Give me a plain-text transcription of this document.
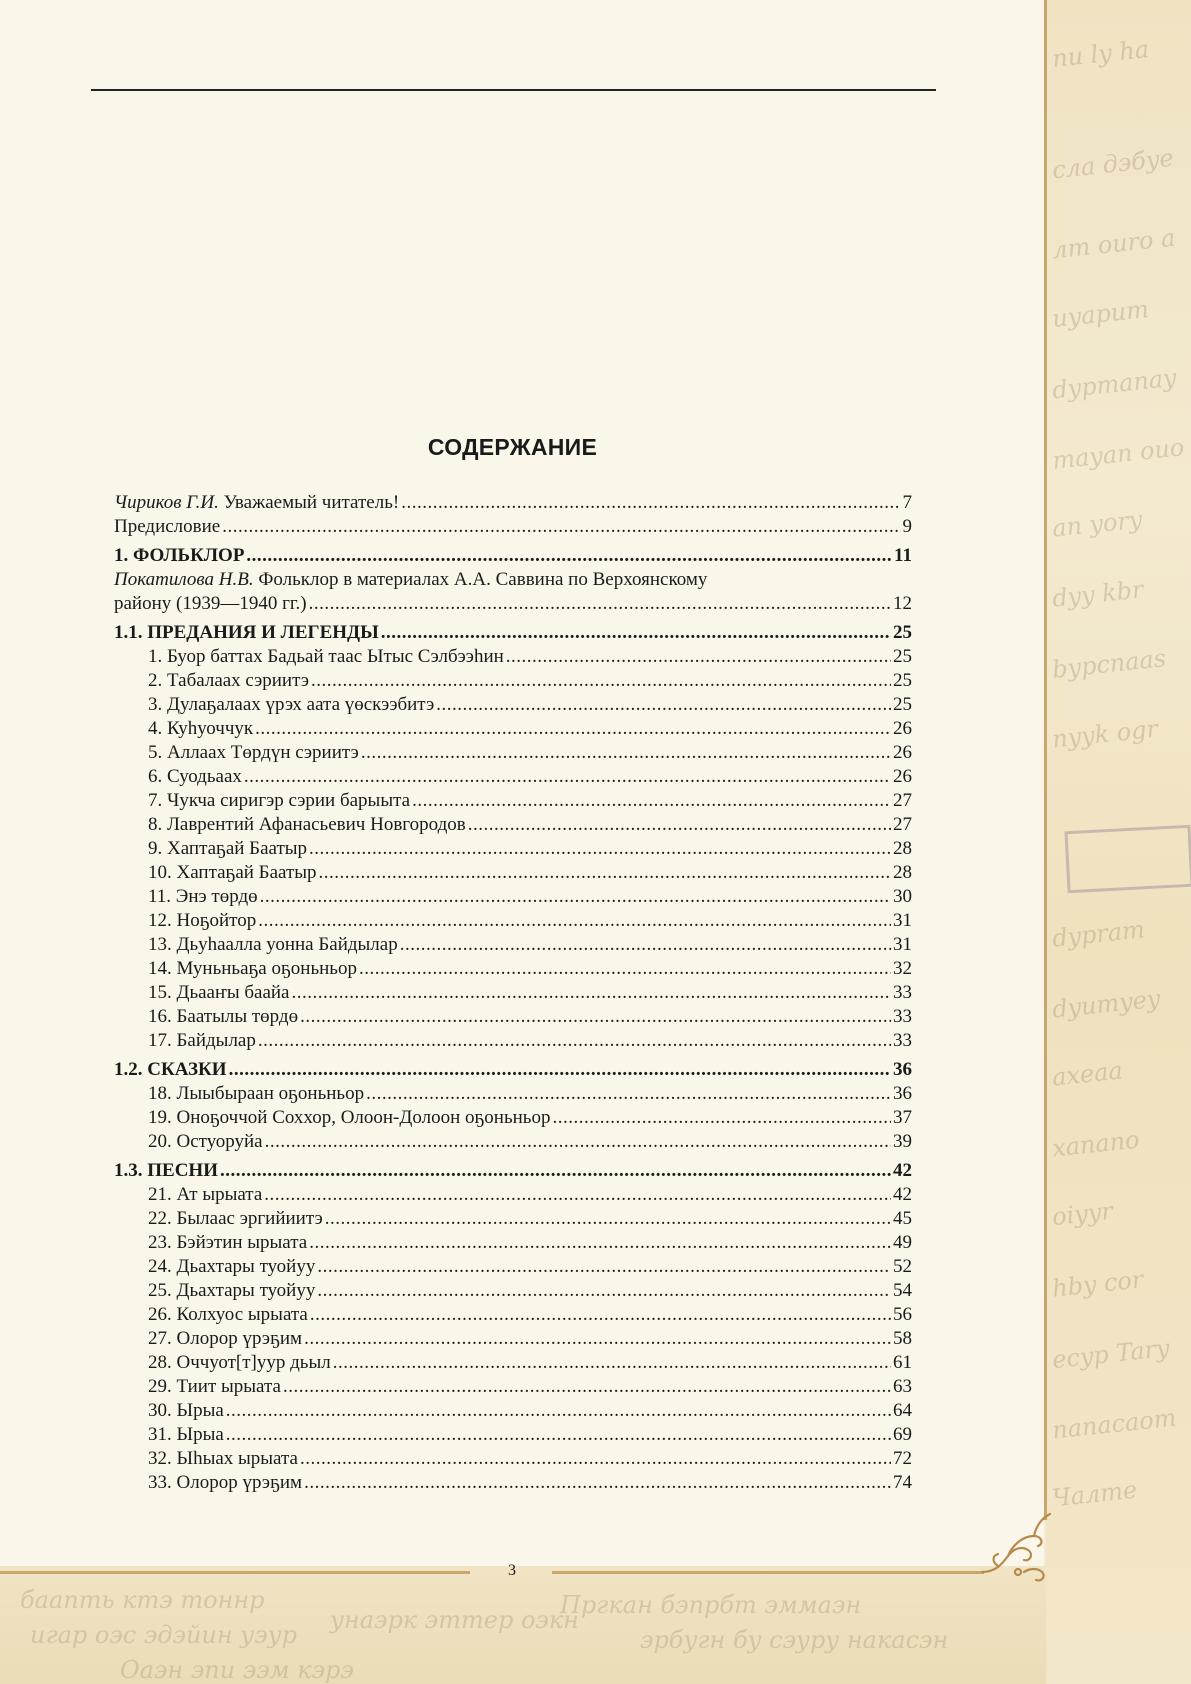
nu ly hа
сла дэбyе
лт ouro a
uyapum
dypmanay
mayan ouo
an yory
dyy kbr
bypcnaas
nyyk ogr
dypram
dyumyey
axeaa
xanano
oiyyr
hby cor
ecyp Tary
nanacaom
Чалте
баапть ктэ тоннр
игар оэс эдэйин уэур
унаэрк эттер оэкн
Пргкан бэпрбт эммаэн
эрбугн бу сэуру накасэн
Оаэн эпи ээм кэрэ
СОДЕРЖАНИЕ
Чириков Г.И. Уважаемый читатель! .....	7
Предисловие .....	9
1. ФОЛЬКЛОР .....	11
Покатилова Н.В. Фольклор в материалах А.А. Саввина по Верхоянскому
району (1939—1940 гг.) .....	12
1.1. ПРЕДАНИЯ И ЛЕГЕНДЫ .....	25
1. Буор баттах Бадьай таас Ытыс Сэлбээһин .....	25
2. Табалаах сэриитэ .....	25
3. Дулаҕалаах үрэх аата үөскээбитэ .....	25
4. Куһуоччук .....	26
5. Аллаах Төрдүн сэриитэ .....	26
6. Суодьаах .....	26
7. Чукча сиригэр сэрии барыыта .....	27
8. Лаврентий Афанасьевич Новгородов .....	27
9. Хаптаҕай Баатыр .....	28
10. Хаптаҕай Баатыр .....	28
11. Энэ төрдө .....	30
12. Ноҕойтор .....	31
13. Дьуһаалла уонна Байдылар .....	31
14. Муньньаҕа оҕоньньор .....	32
15. Дьааҥы баайа .....	33
16. Баатылы төрдө .....	33
17. Байдылар .....	33
1.2. СКАЗКИ .....	36
18. Лыыбыраан оҕоньньор .....	36
19. Оноҕоччой Соххор, Олоон-Долоон оҕоньньор .....	37
20. Остуоруйа .....	39
1.3. ПЕСНИ .....	42
21. Ат ырыата .....	42
22. Былаас эргийиитэ .....	45
23. Бэйэтин ырыата .....	49
24. Дьахтары туойуу .....	52
25. Дьахтары туойуу .....	54
26. Колхуос ырыата .....	56
27. Олорор үрэҕим .....	58
28. Оччуот[т]уур дьыл .....	61
29. Тиит ырыата .....	63
30. Ырыа .....	64
31. Ырыа .....	69
32. Ыһыах ырыата .....	72
33. Олорор үрэҕим .....	74
3
